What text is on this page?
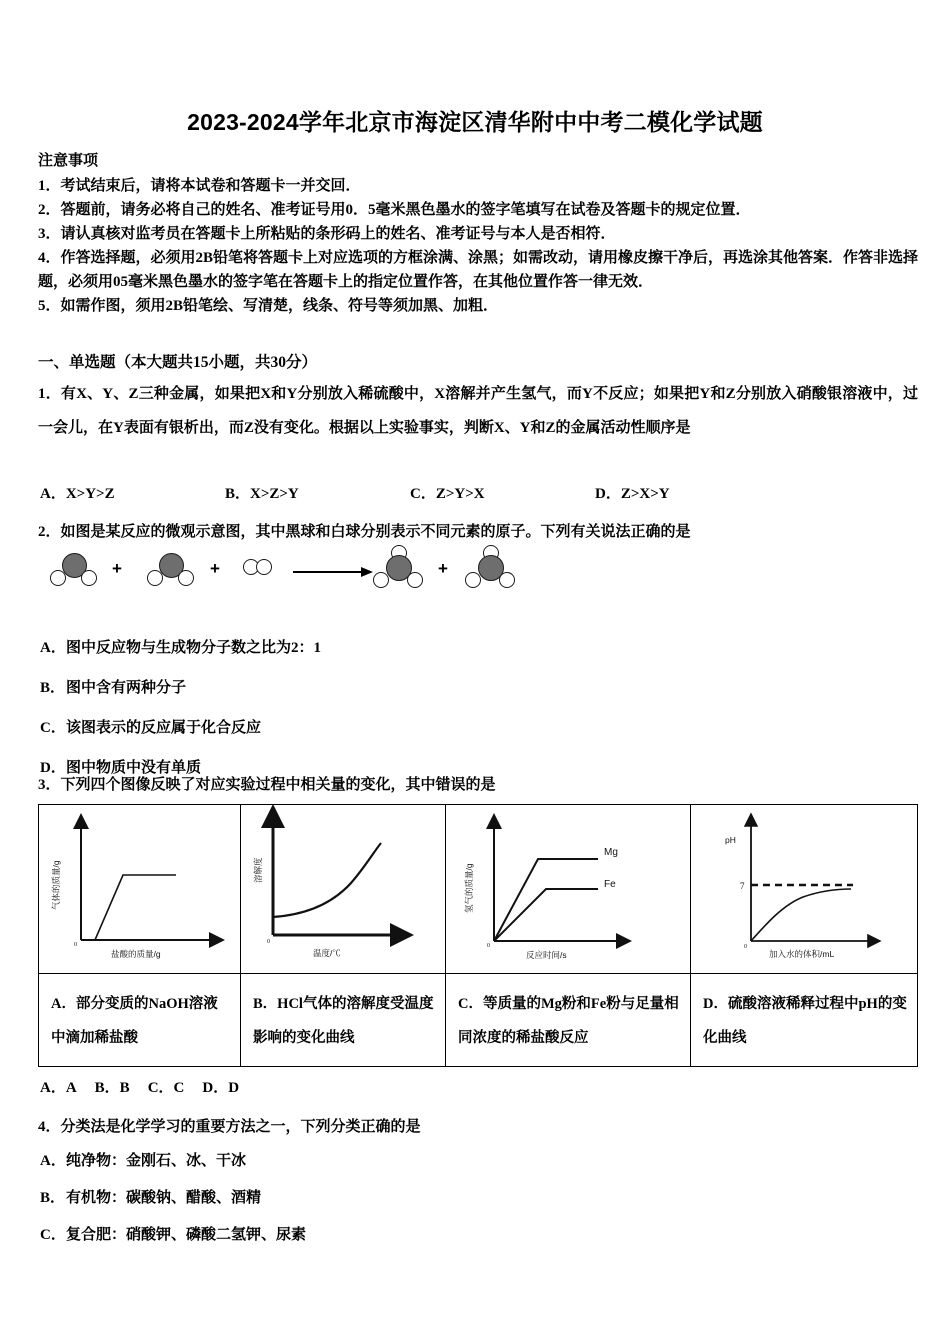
2023-2024学年北京市海淀区清华附中中考二模化学试题
注意事项
1．考试结束后，请将本试卷和答题卡一并交回．
2．答题前，请务必将自己的姓名、准考证号用0．5毫米黑色墨水的签字笔填写在试卷及答题卡的规定位置．
3．请认真核对监考员在答题卡上所粘贴的条形码上的姓名、准考证号与本人是否相符．
4．作答选择题，必须用2B铅笔将答题卡上对应选项的方框涂满、涂黑；如需改动，请用橡皮擦干净后，再选涂其他答案．作答非选择题，必须用05毫米黑色墨水的签字笔在答题卡上的指定位置作答，在其他位置作答一律无效．
5．如需作图，须用2B铅笔绘、写清楚，线条、符号等须加黑、加粗．
一、单选题（本大题共15小题，共30分）
1．有X、Y、Z三种金属，如果把X和Y分别放入稀硫酸中，X溶解并产生氢气，而Y不反应；如果把Y和Z分别放入硝酸银溶液中，过一会儿，在Y表面有银析出，而Z没有变化。根据以上实验事实，判断X、Y和Z的金属活动性顺序是
A．X>Y>Z	B．X>Z>Y	C．Z>Y>X	D．Z>X>Y
2．如图是某反应的微观示意图，其中黑球和白球分别表示不同元素的原子。下列有关说法正确的是
+	+	+
A．图中反应物与生成物分子数之比为2：1
B．图中含有两种分子
C．该图表示的反应属于化合反应
D．图中物质中没有单质
3．下列四个图像反映了对应实验过程中相关量的变化，其中错误的是
0
气体的质量/g
盐酸的质量/g
0
溶解度
温度/℃
Mg
Fe
0
氢气的质量/g
反应时间/s
7
0
pH
加入水的体积/mL
A．部分变质的NaOH溶液中滴加稀盐酸
B．HCl气体的溶解度受温度影响的变化曲线
C．等质量的Mg粉和Fe粉与足量相同浓度的稀盐酸反应
D．硫酸溶液稀释过程中pH的变化曲线
A．A B．B C．C D．D
4．分类法是化学学习的重要方法之一，下列分类正确的是
A．纯净物：金刚石、冰、干冰
B．有机物：碳酸钠、醋酸、酒精
C．复合肥：硝酸钾、磷酸二氢钾、尿素
